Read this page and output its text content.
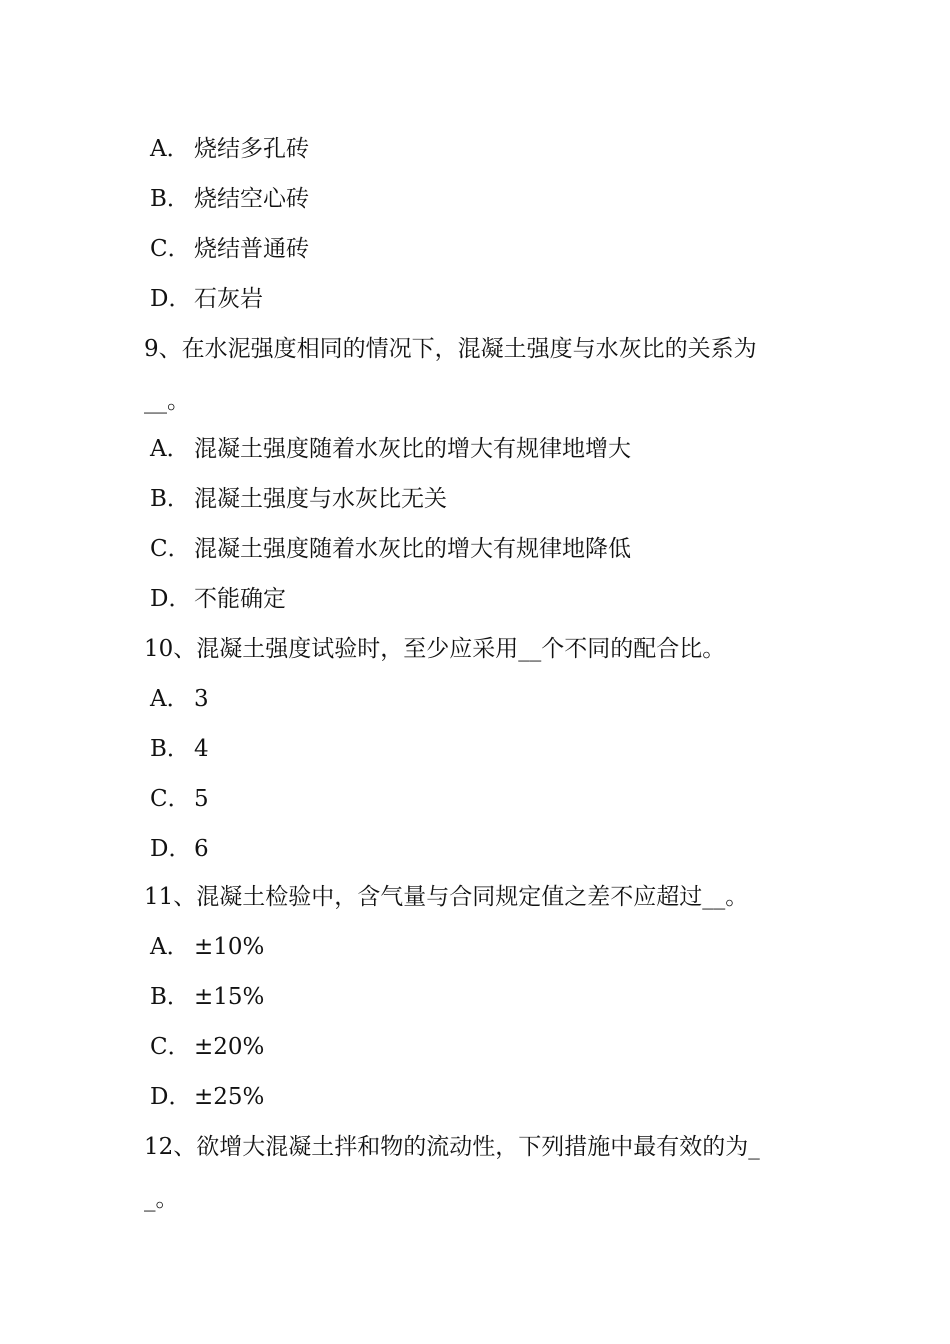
A． 烧结多孔砖
B． 烧结空心砖
C． 烧结普通砖
D． 石灰岩
9、在水泥强度相同的情况下，混凝土强度与水灰比的关系为
__。
A． 混凝土强度随着水灰比的增大有规律地增大
B． 混凝土强度与水灰比无关
C． 混凝土强度随着水灰比的增大有规律地降低
D． 不能确定
10、混凝土强度试验时，至少应采用__个不同的配合比。
A． 3
B． 4
C． 5
D． 6
11、混凝土检验中，含气量与合同规定值之差不应超过__。
A． ±10%
B． ±15%
C． ±20%
D． ±25%
12、欲增大混凝土拌和物的流动性，下列措施中最有效的为_
_。
